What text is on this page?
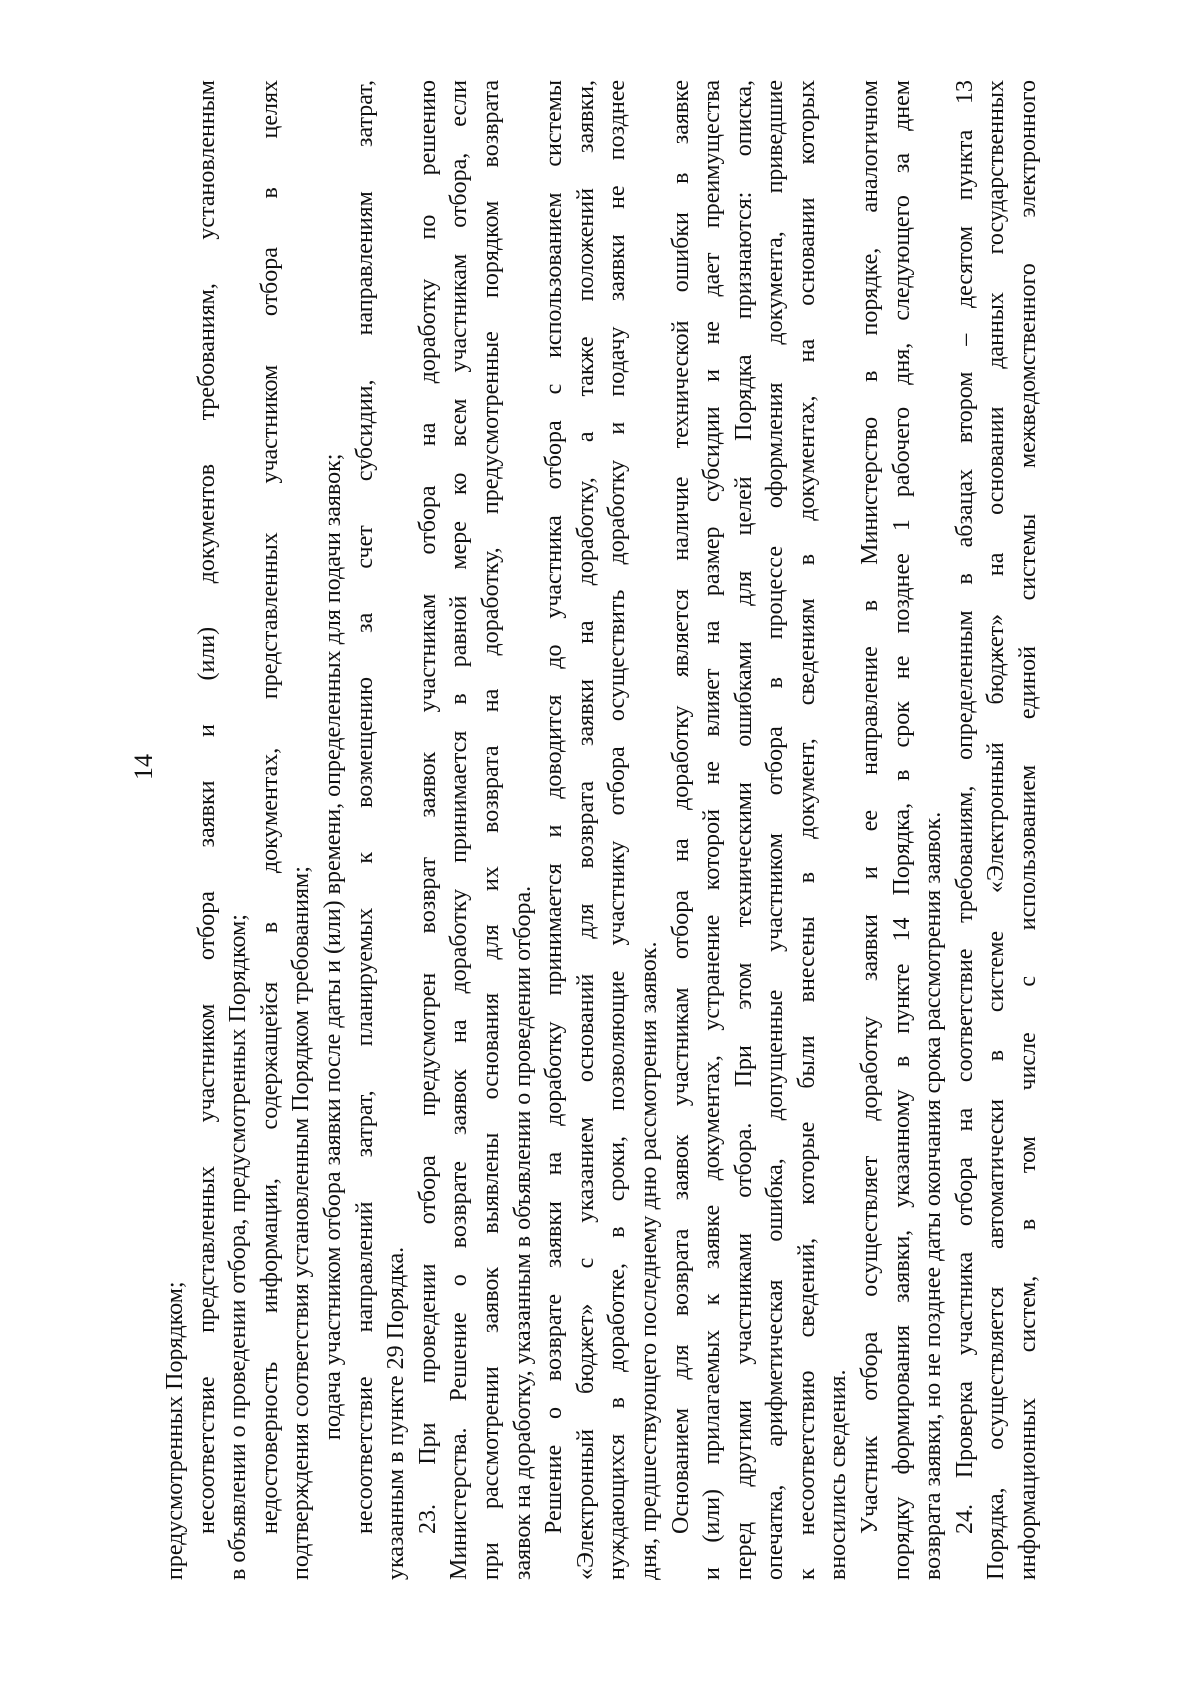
14
предусмотренных Порядком; несоответствие представленных участником отбора заявки и (или) документов требованиям, установленным в объявлении о проведении отбора, предусмотренных Порядком; недостоверность информации, содержащейся в документах, представленных участником отбора в целях подтверждения соответствия установленным Порядком требованиям; подача участником отбора заявки после даты и (или) времени, определенных для подачи заявок; несоответствие направлений затрат, планируемых к возмещению за счет субсидии, направлениям затрат, указанным в пункте 29 Порядка. 23. При проведении отбора предусмотрен возврат заявок участникам отбора на доработку по решению Министерства. Решение о возврате заявок на доработку принимается в равной мере ко всем участникам отбора, если при рассмотрении заявок выявлены основания для их возврата на доработку, предусмотренные порядком возврата заявок на доработку, указанным в объявлении о проведении отбора. Решение о возврате заявки на доработку принимается и доводится до участника отбора с использованием системы «Электронный бюджет» с указанием оснований для возврата заявки на доработку, а также положений заявки, нуждающихся в доработке, в сроки, позволяющие участнику отбора осуществить доработку и подачу заявки не позднее дня, предшествующего последнему дню рассмотрения заявок. Основанием для возврата заявок участникам отбора на доработку является наличие технической ошибки в заявке и (или) прилагаемых к заявке документах, устранение которой не влияет на размер субсидии и не дает преимущества перед другими участниками отбора. При этом техническими ошибками для целей Порядка признаются: описка, опечатка, арифметическая ошибка, допущенные участником отбора в процессе оформления документа, приведшие к несоответствию сведений, которые были внесены в документ, сведениям в документах, на основании которых вносились сведения. Участник отбора осуществляет доработку заявки и ее направление в Министерство в порядке, аналогичном порядку формирования заявки, указанному в пункте 14 Порядка, в срок не позднее 1 рабочего дня, следующего за днем возврата заявки, но не позднее даты окончания срока рассмотрения заявок. 24. Проверка участника отбора на соответствие требованиям, определенным в абзацах втором – десятом пункта 13 Порядка, осуществляется автоматически в системе «Электронный бюджет» на основании данных государственных информационных систем, в том числе с использованием единой системы межведомственного электронного
